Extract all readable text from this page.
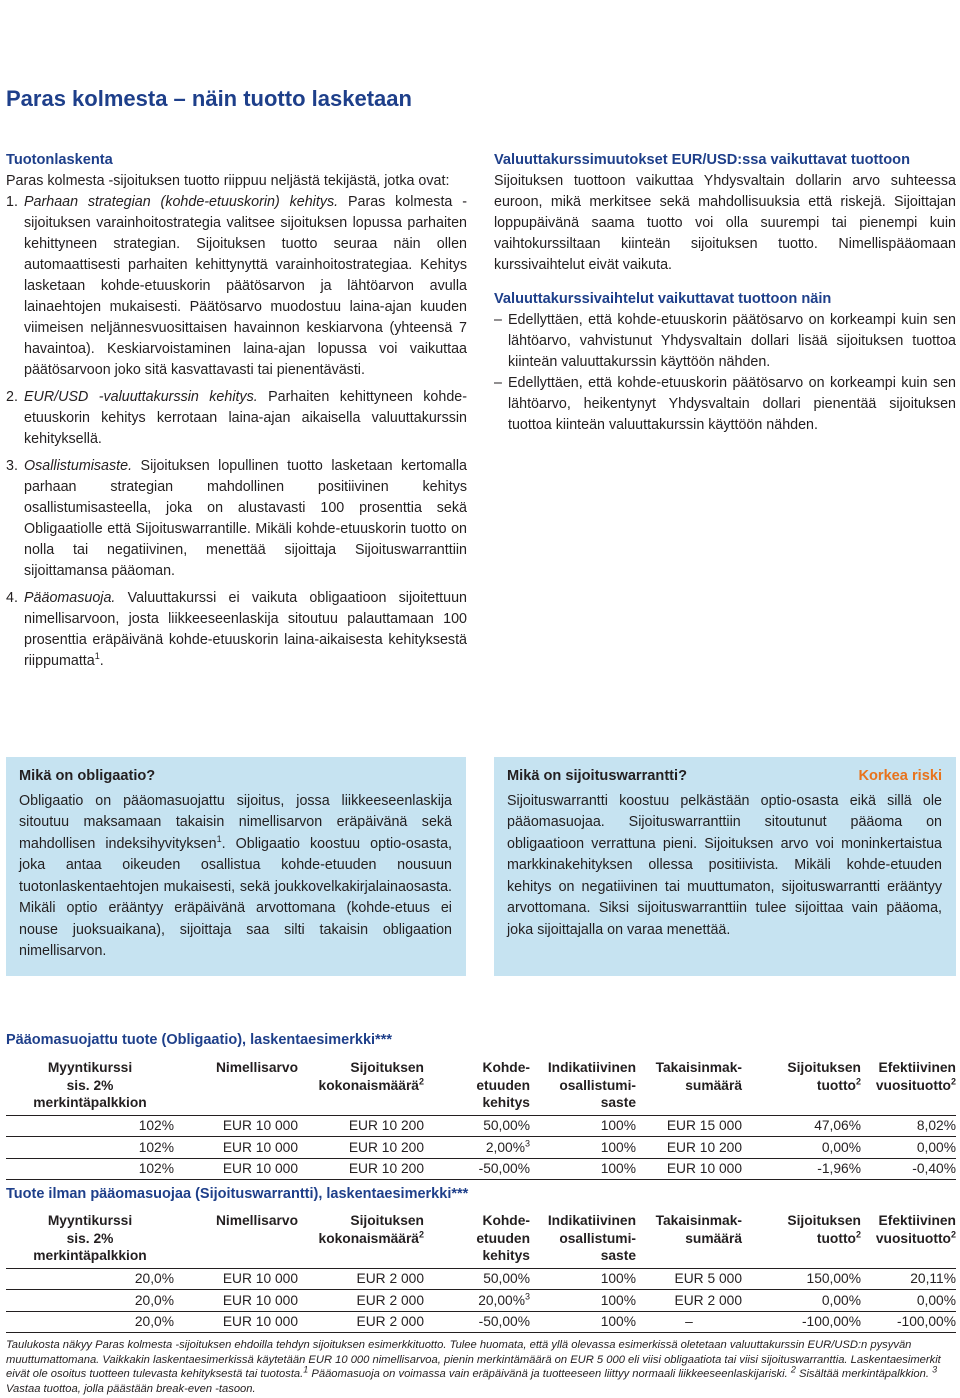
Paras kolmesta – näin tuotto lasketaan
Tuotonlaskenta
Paras kolmesta -sijoituksen tuotto riippuu neljästä tekijästä, jotka ovat:
1. Parhaan strategian (kohde-etuuskorin) kehitys. Paras kolmesta -sijoituksen varainhoitostrategia valitsee sijoituksen lopussa parhaiten kehittyneen strategian. Sijoituksen tuotto seuraa näin ollen automaattisesti parhaiten kehittynyttä varainhoitostrategiaa. Kehitys lasketaan kohde-etuuskorin päätösarvon ja lähtöarvon avulla lainaehtojen mukaisesti. Päätösarvo muodostuu laina-ajan kuuden viimeisen neljännesvuosittaisen havainnon keskiarvona (yhteensä 7 havaintoa). Keskiarvoistaminen laina-ajan lopussa voi vaikuttaa päätösarvoon joko sitä kasvattavasti tai pienentävästi.
2. EUR/USD -valuuttakurssin kehitys. Parhaiten kehittyneen kohde-etuuskorin kehitys kerrotaan laina-ajan aikaisella valuuttakurssin kehityksellä.
3. Osallistumisaste. Sijoituksen lopullinen tuotto lasketaan kertomalla parhaan strategian mahdollinen positiivinen kehitys osallistumisasteella, joka on alustavasti 100 prosenttia sekä Obligaatiolle että Sijoituswarrantille. Mikäli kohde-etuuskorin tuotto on nolla tai negatiivinen, menettää sijoittaja Sijoituswarranttiin sijoittamansa pääoman.
4. Pääomasuoja. Valuuttakurssi ei vaikuta obligaatioon sijoitettuun nimellisarvoon, josta liikkeeseenlaskija sitoutuu palauttamaan 100 prosenttia eräpäivänä kohde-etuuskorin laina-aikaisesta kehityksestä riippumatta$^1$.
Valuuttakurssimuutokset EUR/USD:ssa vaikuttavat tuottoon
Sijoituksen tuottoon vaikuttaa Yhdysvaltain dollarin arvo suhteessa euroon, mikä merkitsee sekä mahdollisuuksia että riskejä. Sijoittajan loppupäivänä saama tuotto voi olla suurempi tai pienempi kuin vaihtokurssiltaan kiinteän sijoituksen tuotto. Nimellispääomaan kurssivaihtelut eivät vaikuta.
Valuuttakurssivaihtelut vaikuttavat tuottoon näin
– Edellyttäen, että kohde-etuuskorin päätösarvo on korkeampi kuin sen lähtöarvo, vahvistunut Yhdysvaltain dollari lisää sijoituksen tuottoa kiinteän valuuttakurssin käyttöön nähden.
– Edellyttäen, että kohde-etuuskorin päätösarvo on korkeampi kuin sen lähtöarvo, heikentynyt Yhdysvaltain dollari pienentää sijoituksen tuottoa kiinteän valuuttakurssin käyttöön nähden.
Mikä on obligaatio?
Obligaatio on pääomasuojattu sijoitus, jossa liikkeeseenlaskija sitoutuu maksamaan takaisin nimellisarvon eräpäivänä sekä mahdollisen indeksihyvityksen$^1$. Obligaatio koostuu optio-osasta, joka antaa oikeuden osallistua kohde-etuuden nousuun tuotonlaskentaehtojen mukaisesti, sekä joukkovelkakirjalainaosasta. Mikäli optio erääntyy eräpäivänä arvottomana (kohde-etuus ei nouse juoksuaikana), sijoittaja saa silti takaisin obligaation nimellisarvon.
Mikä on sijoituswarrantti?	Korkea riski
Sijoituswarrantti koostuu pelkästään optio-osasta eikä sillä ole pääomasuojaa. Sijoituswarranttiin sitoutunut pääoma on obligaatioon verrattuna pieni. Sijoituksen arvo voi moninkertaistua markkinakehityksen ollessa positiivista. Mikäli kohde-etuuden kehitys on negatiivinen tai muuttumaton, sijoituswarrantti erääntyy arvottomana. Siksi sijoituswarranttiin tulee sijoittaa vain pääoma, joka sijoittajalla on varaa menettää.
Pääomasuojattu tuote (Obligaatio), laskentaesimerkki***
Myyntikurssi
sis. 2%
merkintäpalkkion	Nimellisarvo	Sijoituksen
kokonaismäärä$^2$	Kohde-
etuuden
kehitys	Indikatiivinen
osallistumi-
saste	Takaisinmak-
sumäärä	Sijoituksen
tuotto$^2$	Efektiivinen
vuosituotto$^2$
102%	EUR 10 000	EUR 10 200	50,00%	100%	EUR 15 000	47,06%	8,02%
102%	EUR 10 000	EUR 10 200	2,00%$^3$	100%	EUR 10 200	0,00%	0,00%
102%	EUR 10 000	EUR 10 200	-50,00%	100%	EUR 10 000	-1,96%	-0,40%
Tuote ilman pääomasuojaa (Sijoituswarrantti), laskentaesimerkki***
Myyntikurssi
sis. 2%
merkintäpalkkion	Nimellisarvo	Sijoituksen
kokonaismäärä$^2$	Kohde-
etuuden
kehitys	Indikatiivinen
osallistumi-
saste	Takaisinmak-
sumäärä	Sijoituksen
tuotto$^2$	Efektiivinen
vuosituotto$^2$
20,0%	EUR 10 000	EUR 2 000	50,00%	100%	EUR 5 000	150,00%	20,11%
20,0%	EUR 10 000	EUR 2 000	20,00%$^3$	100%	EUR 2 000	0,00%	0,00%
20,0%	EUR 10 000	EUR 2 000	-50,00%	100%	–	-100,00%	-100,00%
Taulukosta näkyy Paras kolmesta -sijoituksen ehdoilla tehdyn sijoituksen esimerkkituotto. Tulee huomata, että yllä olevassa esimerkissä oletetaan valuuttakurssin EUR/USD:n pysyvän muuttumattomana. Vaikkakin laskentaesimerkissä käytetään EUR 10 000 nimellisarvoa, pienin merkintämäärä on EUR 5 000 eli viisi obligaatiota tai viisi sijoituswarranttia. Laskentaesimerkit eivät ole osoitus tuotteen tulevasta kehityksestä tai tuotosta.$^1$ Pääomasuoja on voimassa vain eräpäivänä ja tuotteeseen liittyy normaali liikkeeseenlaskijariski. $^2$ Sisältää merkintäpalkkion. $^3$ Vastaa tuottoa, jolla päästään break-even -tasoon.
